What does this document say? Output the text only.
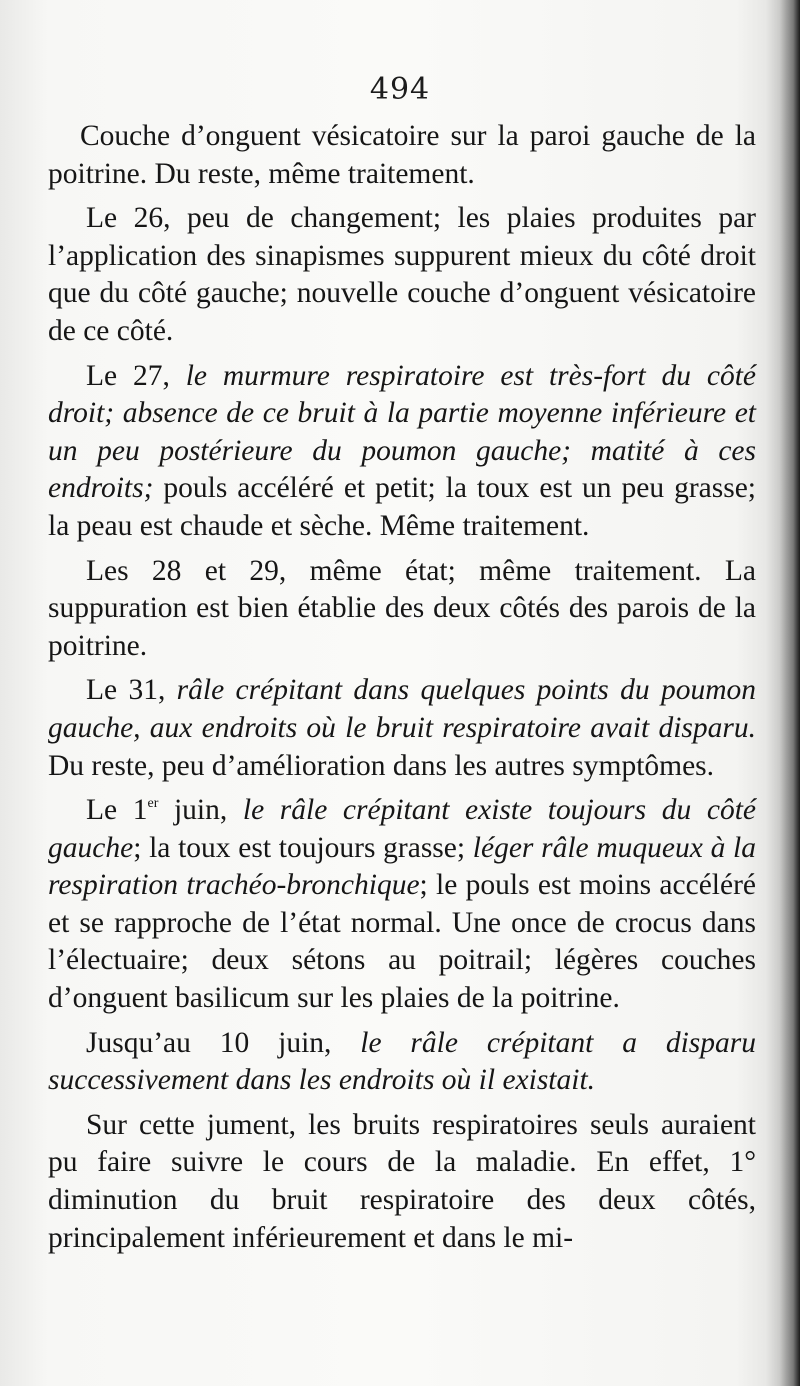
494

Couche d’onguent vésicatoire sur la paroi gauche de la poitrine. Du reste, même traitement.

Le 26, peu de changement; les plaies produites par l’application des sinapismes suppurent mieux du côté droit que du côté gauche; nouvelle couche d’onguent vésicatoire de ce côté.

Le 27, le murmure respiratoire est très-fort du côté droit; absence de ce bruit à la partie moyenne inférieure et un peu postérieure du poumon gauche; matité à ces endroits; pouls accéléré et petit; la toux est un peu grasse; la peau est chaude et sèche. Même traitement.

Les 28 et 29, même état; même traitement. La suppuration est bien établie des deux côtés des parois de la poitrine.

Le 31, râle crépitant dans quelques points du poumon gauche, aux endroits où le bruit respiratoire avait disparu. Du reste, peu d’amélioration dans les autres symptômes.

Le 1er juin, le râle crépitant existe toujours du côté gauche; la toux est toujours grasse; léger râle muqueux à la respiration trachéo-bronchique; le pouls est moins accéléré et se rapproche de l’état normal. Une once de crocus dans l’électuaire; deux sétons au poitrail; légères couches d’onguent basilicum sur les plaies de la poitrine.

Jusqu’au 10 juin, le râle crépitant a disparu successivement dans les endroits où il existait.

Sur cette jument, les bruits respiratoires seuls auraient pu faire suivre le cours de la maladie. En effet, 1° diminution du bruit respiratoire des deux côtés, principalement inférieurement et dans le mi-
